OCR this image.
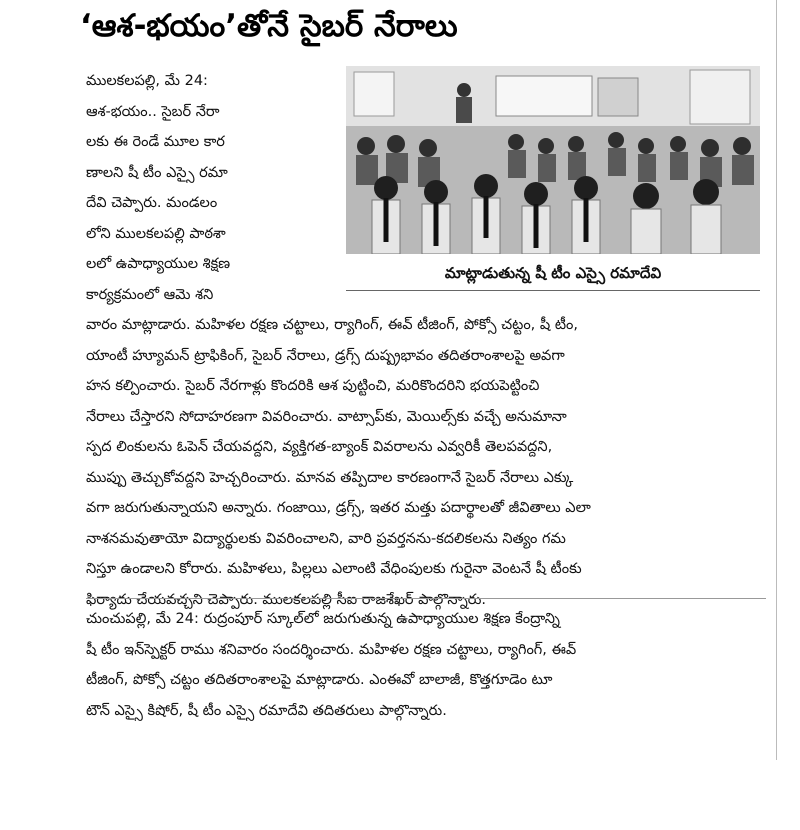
‘ఆశ-భయం’తోనే సైబర్ నేరాలు
ములకలపల్లి, మే 24:
ఆశ-భయం.. సైబర్ నేరా
లకు ఈ రెండే మూల కార
ణాలని షీ టీం ఎస్సై రమా
దేవి చెప్పారు. మండలం
లోని ములకలపల్లి పాఠశా
లలో ఉపాధ్యాయుల శిక్షణ
కార్యక్రమంలో ఆమె శని
మాట్లాడుతున్న షీ టీం ఎస్సై రమాదేవి
వారం మాట్లాడారు. మహిళల రక్షణ చట్టాలు, ర్యాగింగ్, ఈవ్ టీజింగ్, పోక్సో చట్టం, షీ టీం,
యాంటీ హ్యూమన్ ట్రాఫికింగ్, సైబర్ నేరాలు, డ్రగ్స్ దుష్ప్రభావం తదితరాంశాలపై అవగా
హన కల్పించారు. సైబర్ నేరగాళ్లు కొందరికి ఆశ పుట్టించి, మరికొందరిని భయపెట్టించి
నేరాలు చేస్తారని సోదాహరణగా వివరించారు. వాట్సాప్‌కు, మెయిల్స్‌కు వచ్చే అనుమానా
స్పద లింకులను ఓపెన్ చేయవద్దని, వ్యక్తిగత-బ్యాంక్ వివరాలను ఎవ్వరికీ తెలపవద్దని,
ముప్పు తెచ్చుకోవద్దని హెచ్చరించారు. మానవ తప్పిదాల కారణంగానే సైబర్ నేరాలు ఎక్కు
వగా జరుగుతున్నాయని అన్నారు. గంజాయి, డ్రగ్స్, ఇతర మత్తు పదార్థాలతో జీవితాలు ఎలా
నాశనమవుతాయో విద్యార్థులకు వివరించాలని, వారి ప్రవర్తనను-కదలికలను నిత్యం గమ
నిస్తూ ఉండాలని కోరారు. మహిళలు, పిల్లలు ఎలాంటి వేధింపులకు గురైనా వెంటనే షీ టీంకు
ఫిర్యాదు చేయవచ్చని చెప్పారు. ములకలపల్లి సీఐ రాజశేఖర్ పాల్గొన్నారు.
చుంచుపల్లి, మే 24: రుద్రంపూర్ స్కూల్‌లో జరుగుతున్న ఉపాధ్యాయుల శిక్షణ కేంద్రాన్ని
షీ టీం ఇన్‌స్పెక్టర్ రాము శనివారం సందర్శించారు. మహిళల రక్షణ చట్టాలు, ర్యాగింగ్, ఈవ్
టీజింగ్, పోక్సో చట్టం తదితరాంశాలపై మాట్లాడారు. ఎంఈవో బాలాజీ, కొత్తగూడెం టూ
టౌన్ ఎస్సై కిషోర్, షీ టీం ఎస్సై రమాదేవి తదితరులు పాల్గొన్నారు.
